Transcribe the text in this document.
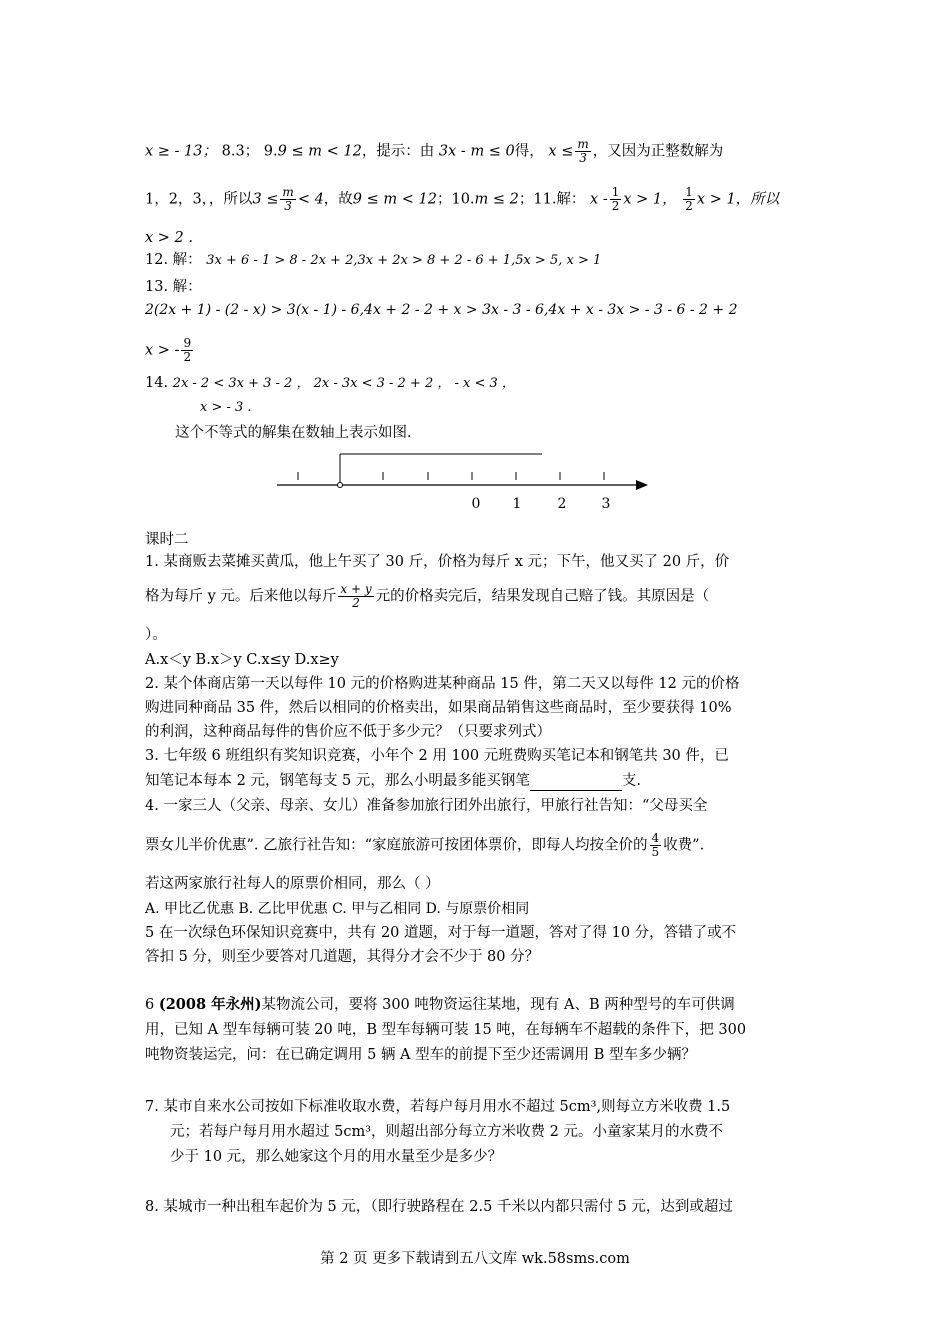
x ≥ - 13； 8.3； 9.9 ≤ m < 12，提示：由 3x - m ≤ 0得， $x \le \frac{m}{3}$ ，又因为正整数解为
1，2，3，，所以$3 \le \frac{m}{3} < 4$，故9 ≤ m < 12；10.m ≤ 2；11.解： x - $\frac{1}{2}$ x > 1， $\frac{1}{2}$ x > 1，所以
x > 2 .
12. 解： 3x + 6 - 1 > 8 - 2x + 2,3x + 2x > 8 + 2 - 6 + 1,5x > 5, x > 1
13. 解：
2(2x + 1) - (2 - x) > 3(x - 1) - 6,4x + 2 - 2 + x > 3x - 3 - 6,4x + x - 3x > - 3 - 6 - 2 + 2
x > - $\frac{9}{2}$
14. 2x - 2 < 3x + 3 - 2 ， 2x - 3x < 3 - 2 + 2 ， - x < 3 ，
x > - 3 .
这个不等式的解集在数轴上表示如图.
0 1	2	3
课时二
1. 某商贩去菜摊买黄瓜，他上午买了 30 斤，价格为每斤 x 元；下午，他又买了 20 斤，价
格为每斤 y 元。后来他以每斤 $\frac{x + y}{2}$ 元的价格卖完后，结果发现自己赔了钱。其原因是（
）。
A.x＜y B.x＞y C.x≤y D.x≥y
2. 某个体商店第一天以每件 10 元的价格购进某种商品 15 件，第二天又以每件 12 元的价格
购进同种商品 35 件，然后以相同的价格卖出，如果商品销售这些商品时，至少要获得 10%
的利润，这种商品每件的售价应不低于多少元？（只要求列式）
3. 七年级 6 班组织有奖知识竞赛，小年个 2 用 100 元班费购买笔记本和钢笔共 30 件，已
知笔记本每本 2 元，钢笔每支 5 元，那么小明最多能买钢笔	支.
4. 一家三人（父亲、母亲、女儿）准备参加旅行团外出旅行，甲旅行社告知：“父母买全
票女儿半价优惠”. 乙旅行社告知：“家庭旅游可按团体票价，即每人均按全价的 $\frac{4}{5}$ 收费”.
若这两家旅行社每人的原票价相同，那么（ ）
A. 甲比乙优惠 B. 乙比甲优惠 C. 甲与乙相同 D. 与原票价相同
5 在一次绿色环保知识竞赛中，共有 20 道题，对于每一道题，答对了得 10 分，答错了或不
答扣 5 分，则至少要答对几道题，其得分才会不少于 80 分？
6 (2008 年永州)某物流公司，要将 300 吨物资运往某地，现有 A、B 两种型号的车可供调
用，已知 A 型车每辆可装 20 吨，B 型车每辆可装 15 吨，在每辆车不超载的条件下，把 300
吨物资装运完，问：在已确定调用 5 辆 A 型车的前提下至少还需调用 B 型车多少辆？
7. 某市自来水公司按如下标准收取水费，若每户每月用水不超过 5cm³,则每立方米收费 1.5
元；若每户每月用水超过 5cm³，则超出部分每立方米收费 2 元。小童家某月的水费不
少于 10 元，那么她家这个月的用水量至少是多少？
8. 某城市一种出租车起价为 5 元，（即行驶路程在 2.5 千米以内都只需付 5 元，达到或超过
第 2 页 更多下载请到五八文库 wk.58sms.com
